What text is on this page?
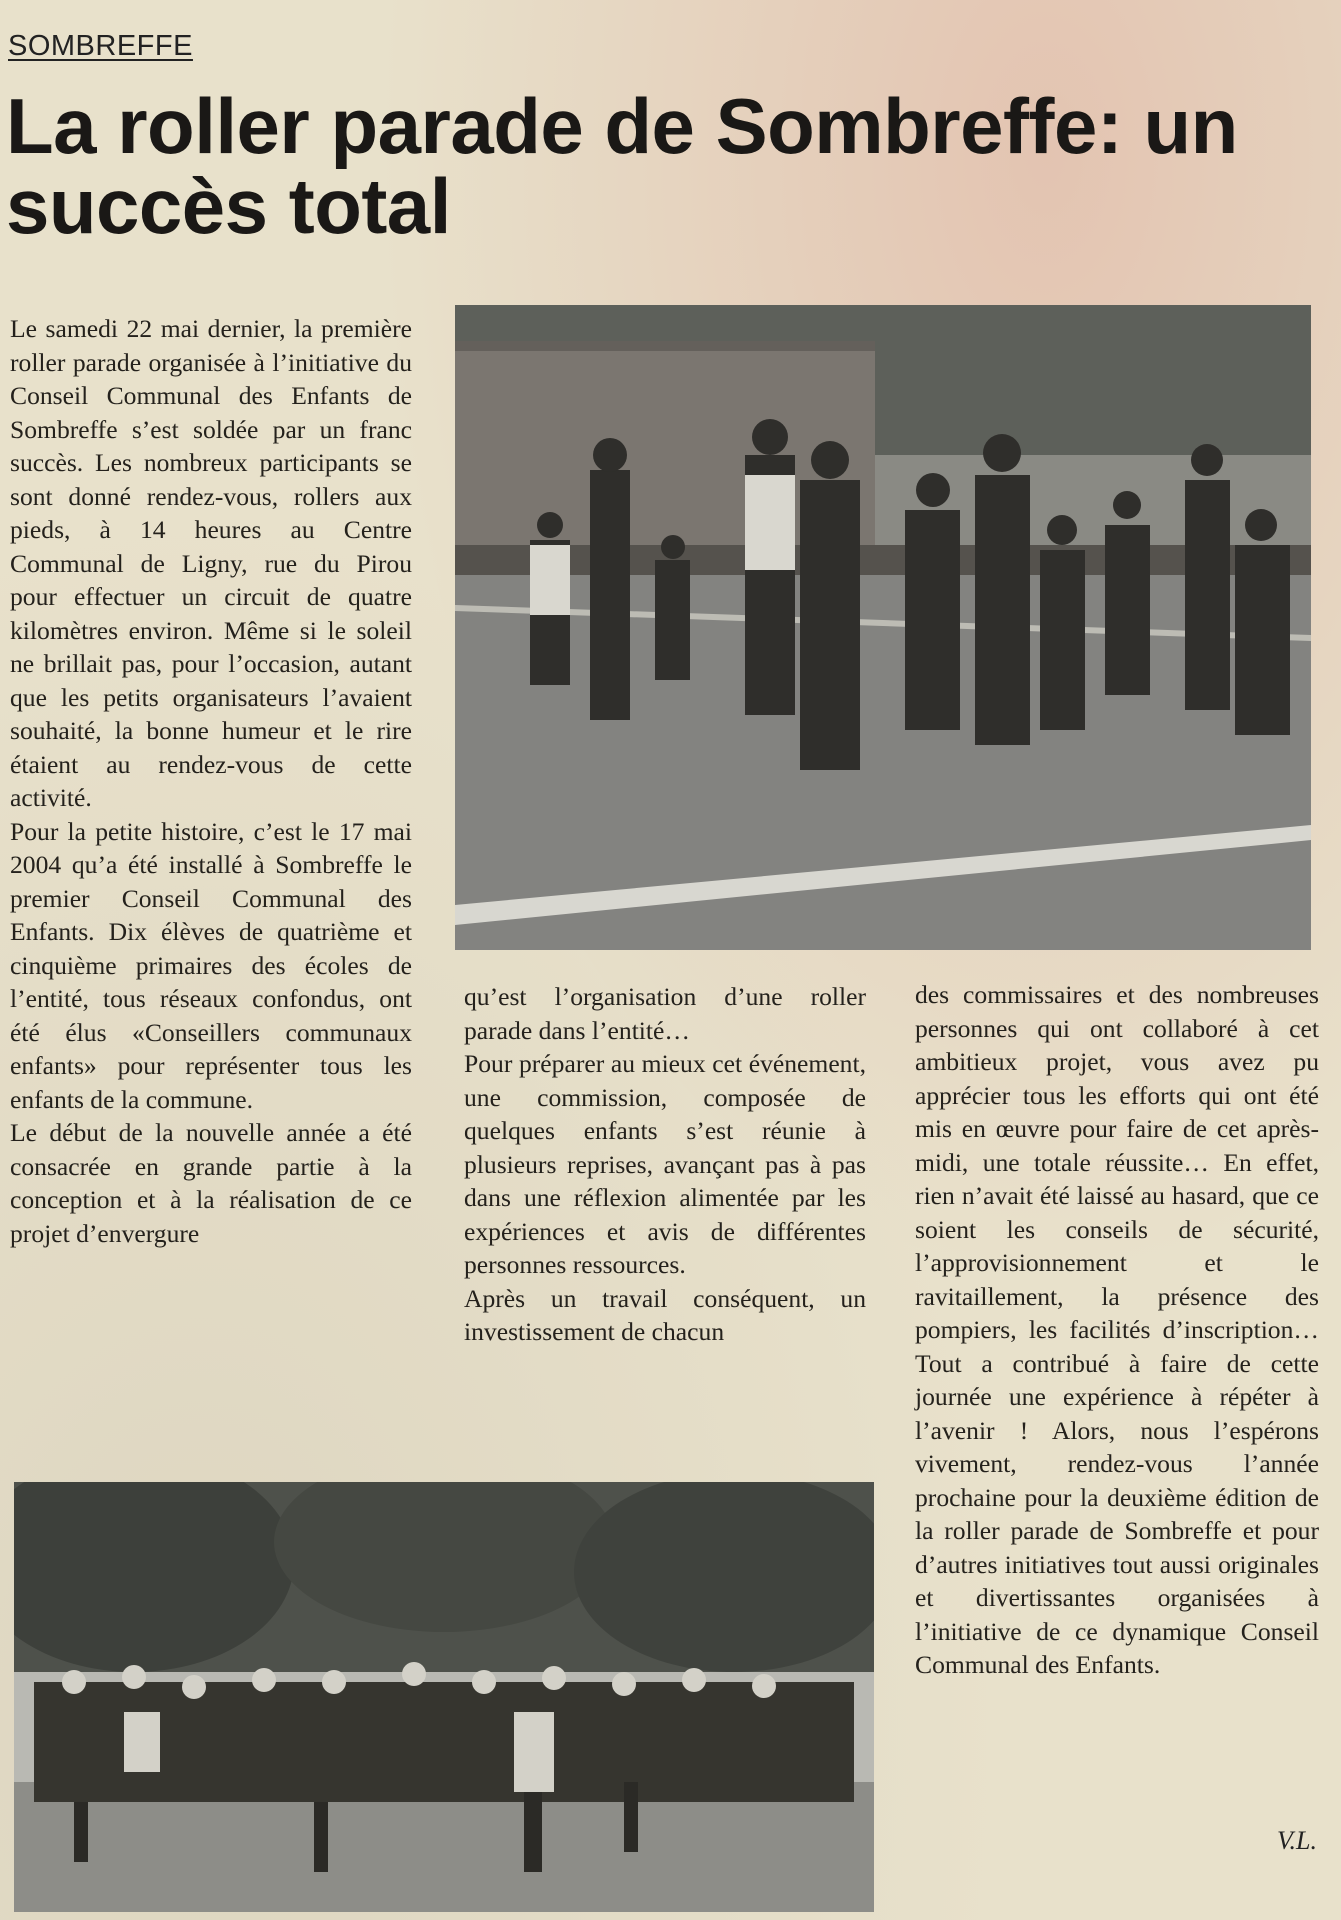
SOMBREFFE
La roller parade de Sombreffe: un succès total

Le samedi 22 mai dernier, la première roller parade organisée à l’initiative du Conseil Communal des Enfants de Sombreffe s’est soldée par un franc succès. Les nombreux participants se sont donné rendez-vous, rollers aux pieds, à 14 heures au Centre Communal de Ligny, rue du Pirou pour effectuer un circuit de quatre kilomètres environ. Même si le soleil ne brillait pas, pour l’occasion, autant que les petits organisateurs l’avaient souhaité, la bonne humeur et le rire étaient au rendez-vous de cette activité.

Pour la petite histoire, c’est le 17 mai 2004 qu’a été installé à Sombreffe le premier Conseil Communal des Enfants. Dix élèves de quatrième et cinquième primaires des écoles de l’entité, tous réseaux confondus, ont été élus «Conseillers communaux enfants» pour représenter tous les enfants de la commune.

Le début de la nouvelle année a été consacrée en grande partie à la conception et à la réalisation de ce projet d’envergure

qu’est l’organisation d’une roller parade dans l’entité…

Pour préparer au mieux cet événement, une commission, composée de quelques enfants s’est réunie à plusieurs reprises, avançant pas à pas dans une réflexion alimentée par les expériences et avis de différentes personnes ressources.

Après un travail conséquent, un investissement de chacun

des commissaires et des nombreuses personnes qui ont collaboré à cet ambitieux projet, vous avez pu apprécier tous les efforts qui ont été mis en œuvre pour faire de cet après-midi, une totale réussite… En effet, rien n’avait été laissé au hasard, que ce soient les conseils de sécurité, l’approvisionnement et le ravitaillement, la présence des pompiers, les facilités d’inscription… Tout a contribué à faire de cette journée une expérience à répéter à l’avenir ! Alors, nous l’espérons vivement, rendez-vous l’année prochaine pour la deuxième édition de la roller parade de Sombreffe et pour d’autres initiatives tout aussi originales et divertissantes organisées à l’initiative de ce dynamique Conseil Communal des Enfants.

V.L.
